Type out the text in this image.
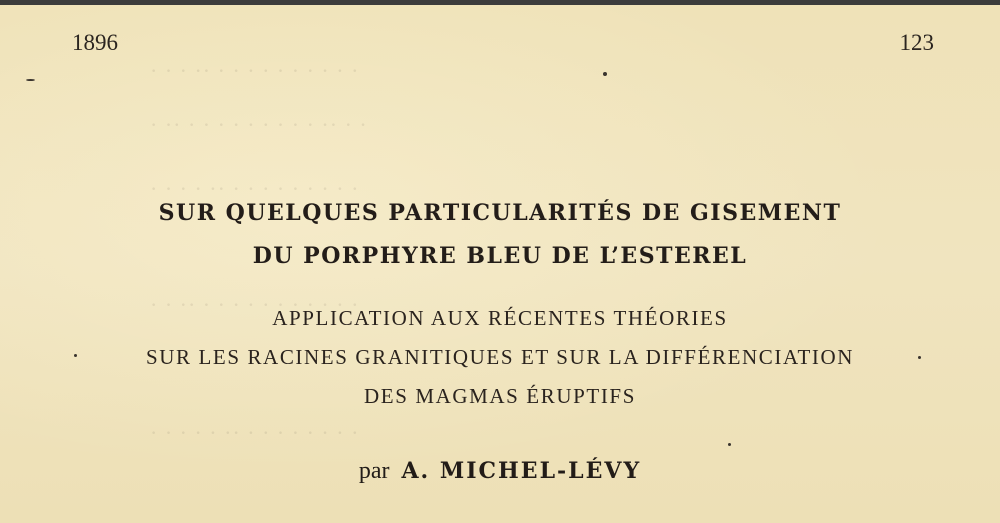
· · · ·· · · · · · · · · · ·
· ·· · · · · · · · · · ·· · ·
· · · · ·· · · · · · · · · ·
· · ·· · · · · · · · · · · ·
· · · · · ·· · · · · · · · ·
1896	123
SUR QUELQUES PARTICULARITÉS DE GISEMENT
DU PORPHYRE BLEU DE L’ESTEREL
APPLICATION AUX RÉCENTES THÉORIES
SUR LES RACINES GRANITIQUES ET SUR LA DIFFÉRENCIATION
DES MAGMAS ÉRUPTIFS
par A. MICHEL-LÉVY
